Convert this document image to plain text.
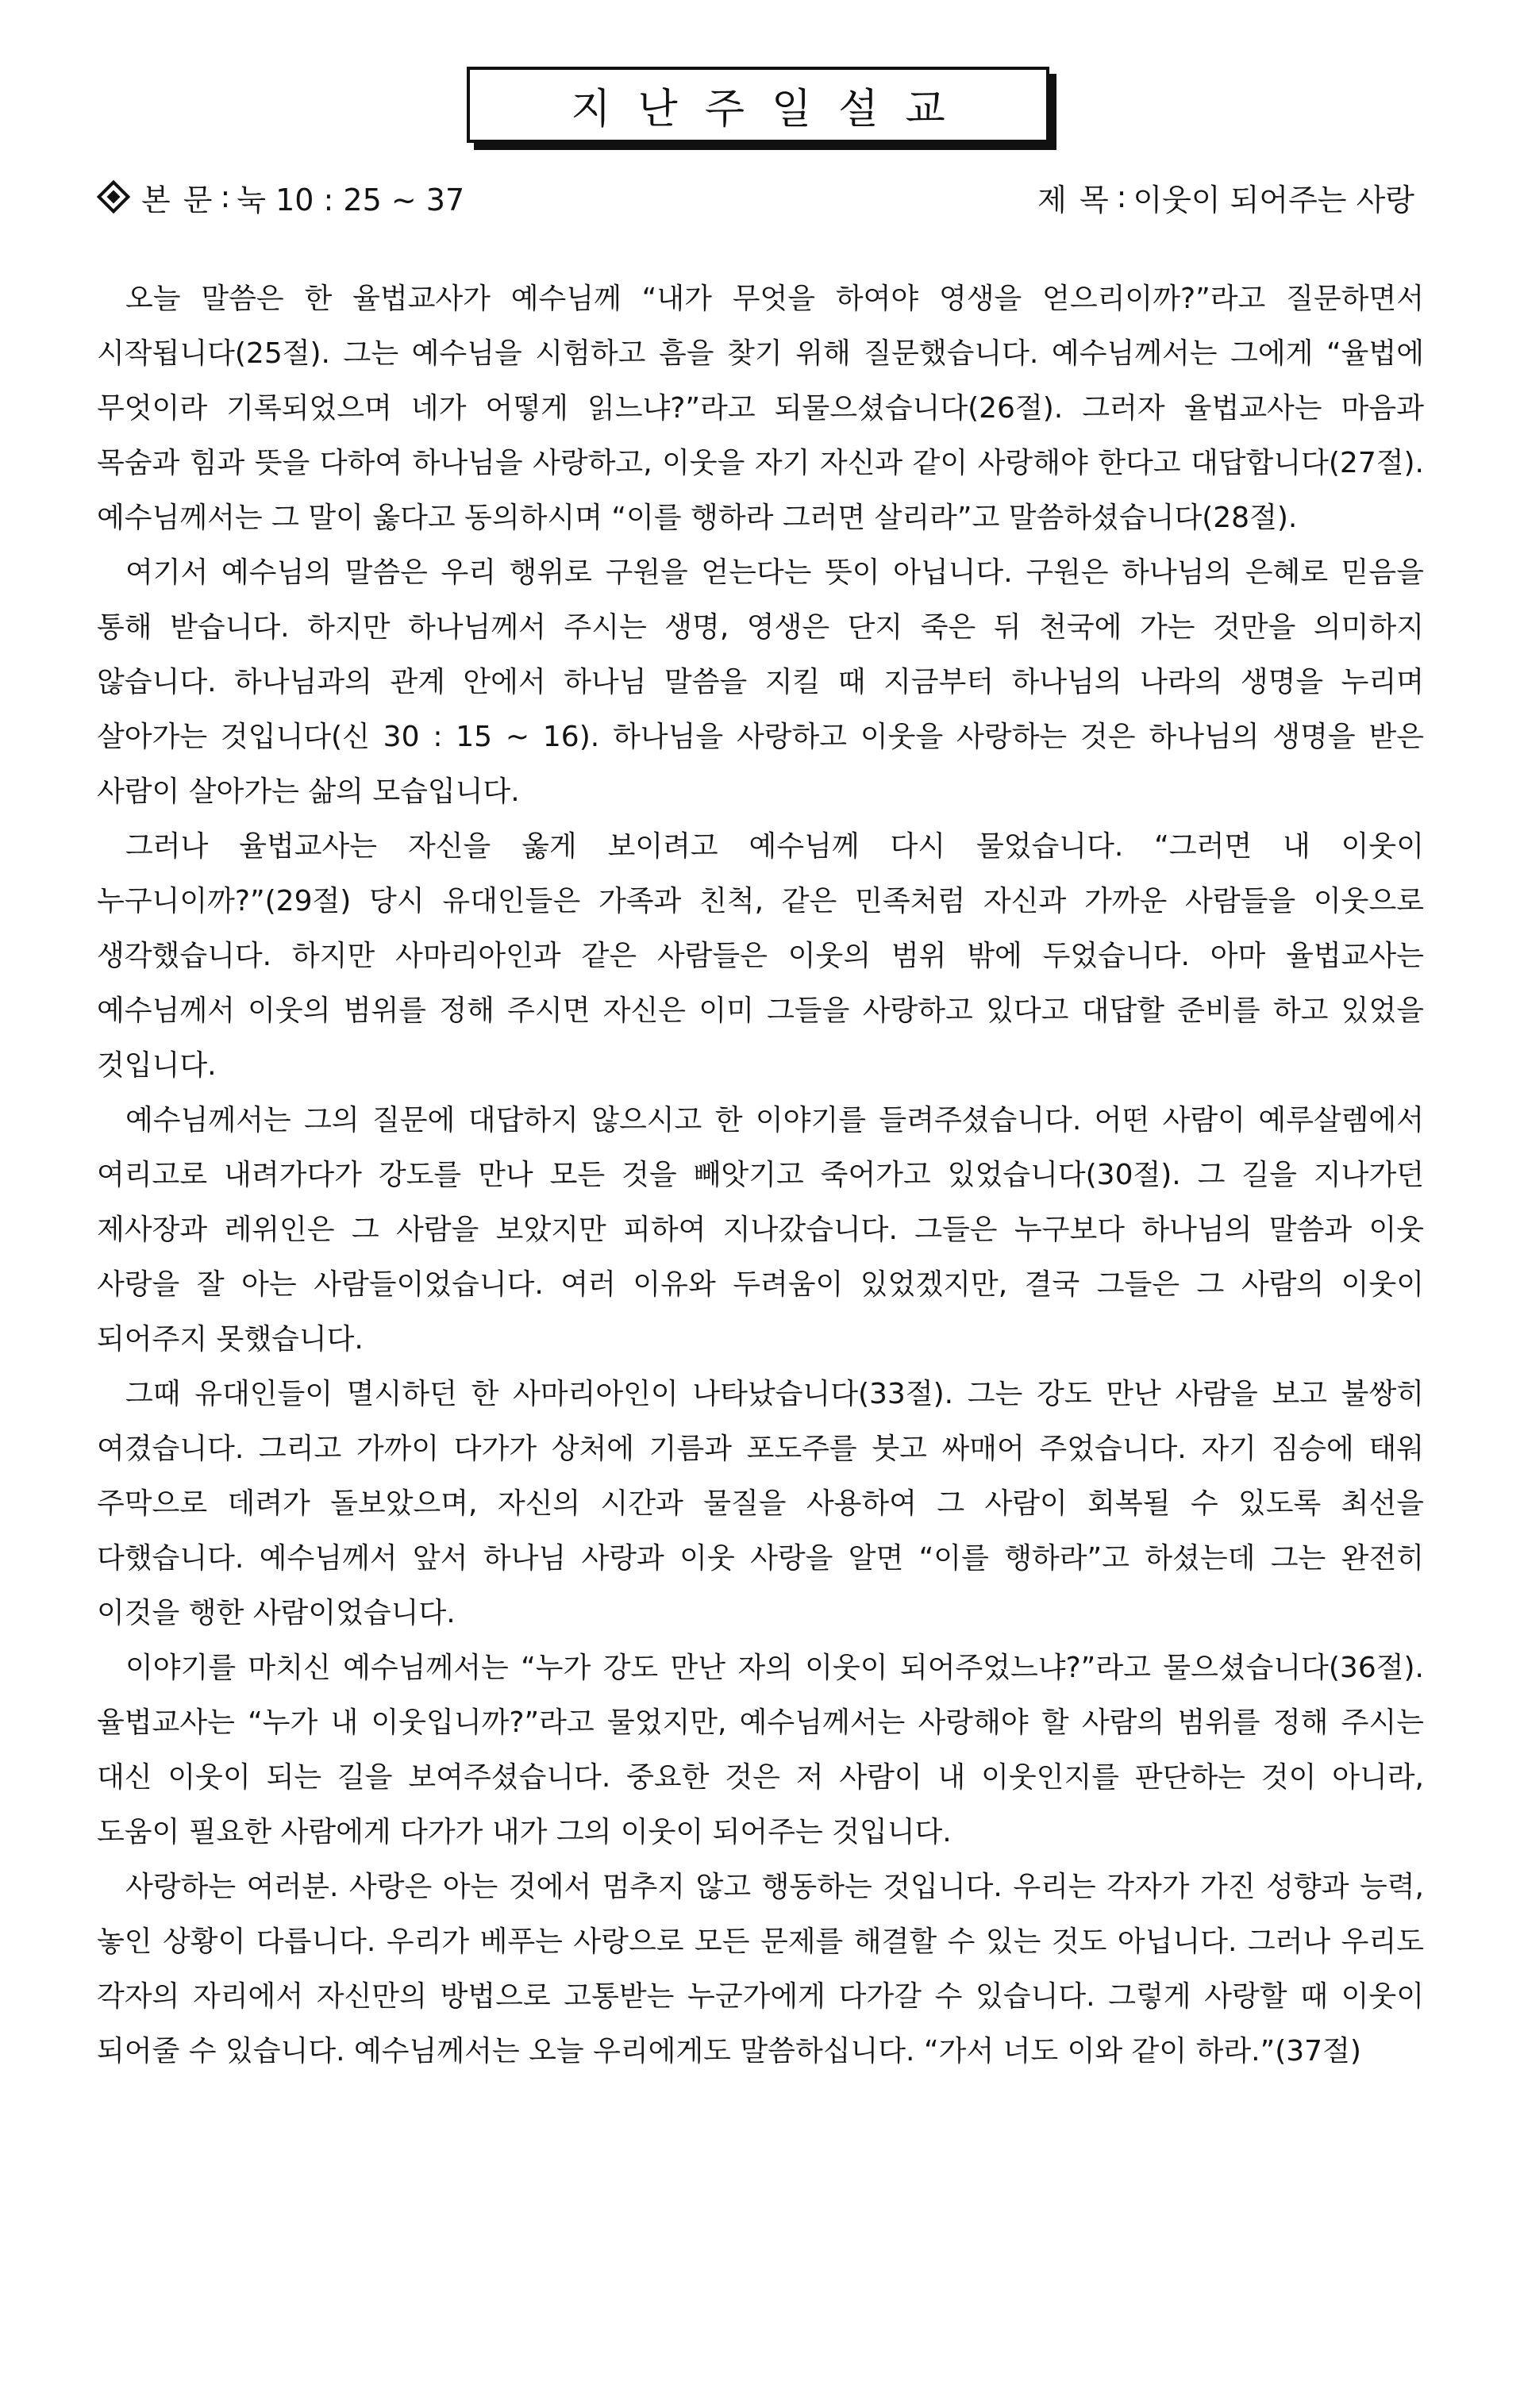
지난주일설교
본 문 : 눅 10 : 25 ~ 37	제 목 : 이웃이 되어주는 사랑

오늘 말씀은 한 율법교사가 예수님께 “내가 무엇을 하여야 영생을 얻으리이까?”라고 질문하면서 시작됩니다(25절). 그는 예수님을 시험하고 흠을 찾기 위해 질문했습니다. 예수님께서는 그에게 “율법에 무엇이라 기록되었으며 네가 어떻게 읽느냐?”라고 되물으셨습니다(26절). 그러자 율법교사는 마음과 목숨과 힘과 뜻을 다하여 하나님을 사랑하고, 이웃을 자기 자신과 같이 사랑해야 한다고 대답합니다(27절). 예수님께서는 그 말이 옳다고 동의하시며 “이를 행하라 그러면 살리라”고 말씀하셨습니다(28절).

여기서 예수님의 말씀은 우리 행위로 구원을 얻는다는 뜻이 아닙니다. 구원은 하나님의 은혜로 믿음을 통해 받습니다. 하지만 하나님께서 주시는 생명, 영생은 단지 죽은 뒤 천국에 가는 것만을 의미하지 않습니다. 하나님과의 관계 안에서 하나님 말씀을 지킬 때 지금부터 하나님의 나라의 생명을 누리며 살아가는 것입니다(신 30 : 15 ~ 16). 하나님을 사랑하고 이웃을 사랑하는 것은 하나님의 생명을 받은 사람이 살아가는 삶의 모습입니다.

그러나 율법교사는 자신을 옳게 보이려고 예수님께 다시 물었습니다. “그러면 내 이웃이 누구니이까?”(29절) 당시 유대인들은 가족과 친척, 같은 민족처럼 자신과 가까운 사람들을 이웃으로 생각했습니다. 하지만 사마리아인과 같은 사람들은 이웃의 범위 밖에 두었습니다. 아마 율법교사는 예수님께서 이웃의 범위를 정해 주시면 자신은 이미 그들을 사랑하고 있다고 대답할 준비를 하고 있었을 것입니다.

예수님께서는 그의 질문에 대답하지 않으시고 한 이야기를 들려주셨습니다. 어떤 사람이 예루살렘에서 여리고로 내려가다가 강도를 만나 모든 것을 빼앗기고 죽어가고 있었습니다(30절). 그 길을 지나가던 제사장과 레위인은 그 사람을 보았지만 피하여 지나갔습니다. 그들은 누구보다 하나님의 말씀과 이웃 사랑을 잘 아는 사람들이었습니다. 여러 이유와 두려움이 있었겠지만, 결국 그들은 그 사람의 이웃이 되어주지 못했습니다.

그때 유대인들이 멸시하던 한 사마리아인이 나타났습니다(33절). 그는 강도 만난 사람을 보고 불쌍히 여겼습니다. 그리고 가까이 다가가 상처에 기름과 포도주를 붓고 싸매어 주었습니다. 자기 짐승에 태워 주막으로 데려가 돌보았으며, 자신의 시간과 물질을 사용하여 그 사람이 회복될 수 있도록 최선을 다했습니다. 예수님께서 앞서 하나님 사랑과 이웃 사랑을 알면 “이를 행하라”고 하셨는데 그는 완전히 이것을 행한 사람이었습니다.

이야기를 마치신 예수님께서는 “누가 강도 만난 자의 이웃이 되어주었느냐?”라고 물으셨습니다(36절). 율법교사는 “누가 내 이웃입니까?”라고 물었지만, 예수님께서는 사랑해야 할 사람의 범위를 정해 주시는 대신 이웃이 되는 길을 보여주셨습니다. 중요한 것은 저 사람이 내 이웃인지를 판단하는 것이 아니라, 도움이 필요한 사람에게 다가가 내가 그의 이웃이 되어주는 것입니다.

사랑하는 여러분. 사랑은 아는 것에서 멈추지 않고 행동하는 것입니다. 우리는 각자가 가진 성향과 능력, 놓인 상황이 다릅니다. 우리가 베푸는 사랑으로 모든 문제를 해결할 수 있는 것도 아닙니다. 그러나 우리도 각자의 자리에서 자신만의 방법으로 고통받는 누군가에게 다가갈 수 있습니다. 그렇게 사랑할 때 이웃이 되어줄 수 있습니다. 예수님께서는 오늘 우리에게도 말씀하십니다. “가서 너도 이와 같이 하라.”(37절)
